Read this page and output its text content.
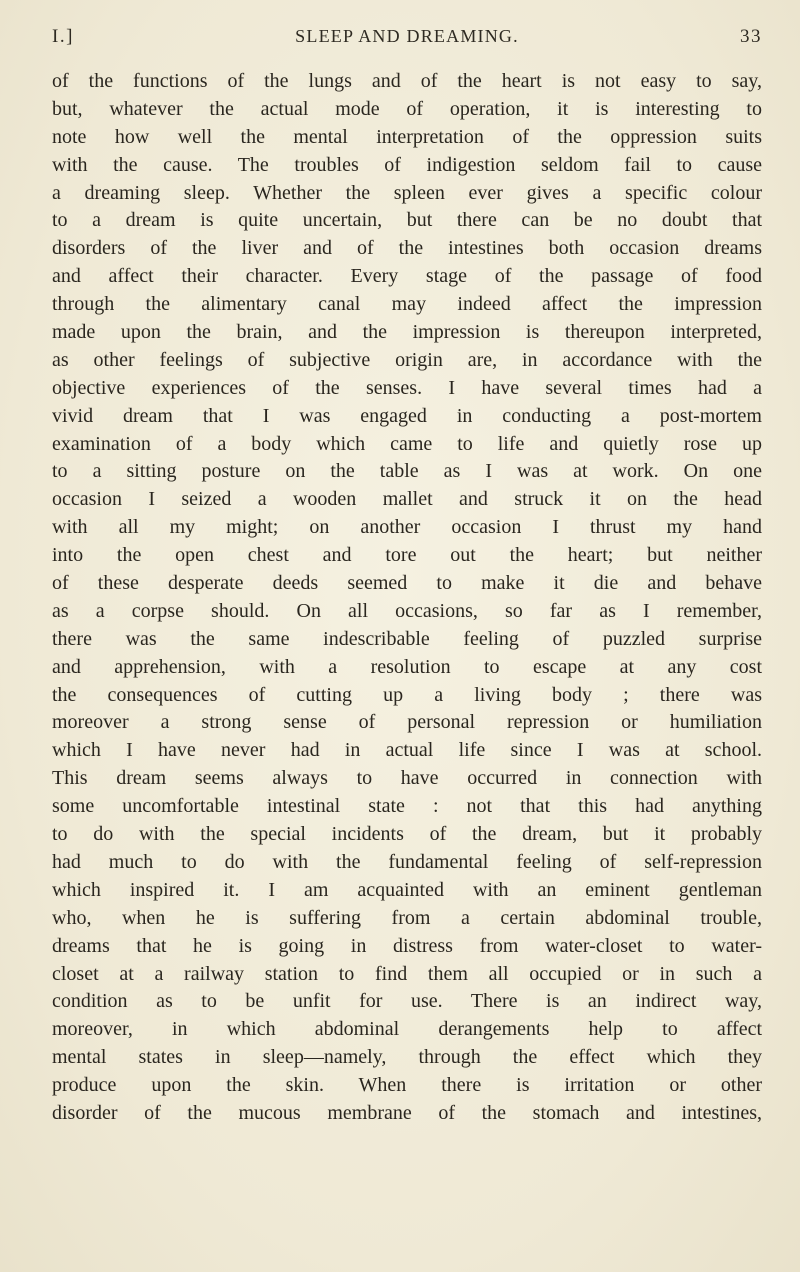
I.]	SLEEP AND DREAMING.	33
of the functions of the lungs and of the heart is not easy to say,
but, whatever the actual mode of operation, it is interesting to
note how well the mental interpretation of the oppression suits
with the cause. The troubles of indigestion seldom fail to cause
a dreaming sleep. Whether the spleen ever gives a specific colour
to a dream is quite uncertain, but there can be no doubt that
disorders of the liver and of the intestines both occasion dreams
and affect their character. Every stage of the passage of food
through the alimentary canal may indeed affect the impression
made upon the brain, and the impression is thereupon interpreted,
as other feelings of subjective origin are, in accordance with the
objective experiences of the senses. I have several times had a
vivid dream that I was engaged in conducting a post-mortem
examination of a body which came to life and quietly rose up
to a sitting posture on the table as I was at work. On one
occasion I seized a wooden mallet and struck it on the head
with all my might; on another occasion I thrust my hand
into the open chest and tore out the heart; but neither
of these desperate deeds seemed to make it die and behave
as a corpse should. On all occasions, so far as I remember,
there was the same indescribable feeling of puzzled surprise
and apprehension, with a resolution to escape at any cost
the consequences of cutting up a living body ; there was
moreover a strong sense of personal repression or humiliation
which I have never had in actual life since I was at school.
This dream seems always to have occurred in connection with
some uncomfortable intestinal state : not that this had anything
to do with the special incidents of the dream, but it probably
had much to do with the fundamental feeling of self-repression
which inspired it. I am acquainted with an eminent gentleman
who, when he is suffering from a certain abdominal trouble,
dreams that he is going in distress from water-closet to water-
closet at a railway station to find them all occupied or in such a
condition as to be unfit for use. There is an indirect way,
moreover, in which abdominal derangements help to affect
mental states in sleep—namely, through the effect which they
produce upon the skin. When there is irritation or other
disorder of the mucous membrane of the stomach and intestines,
